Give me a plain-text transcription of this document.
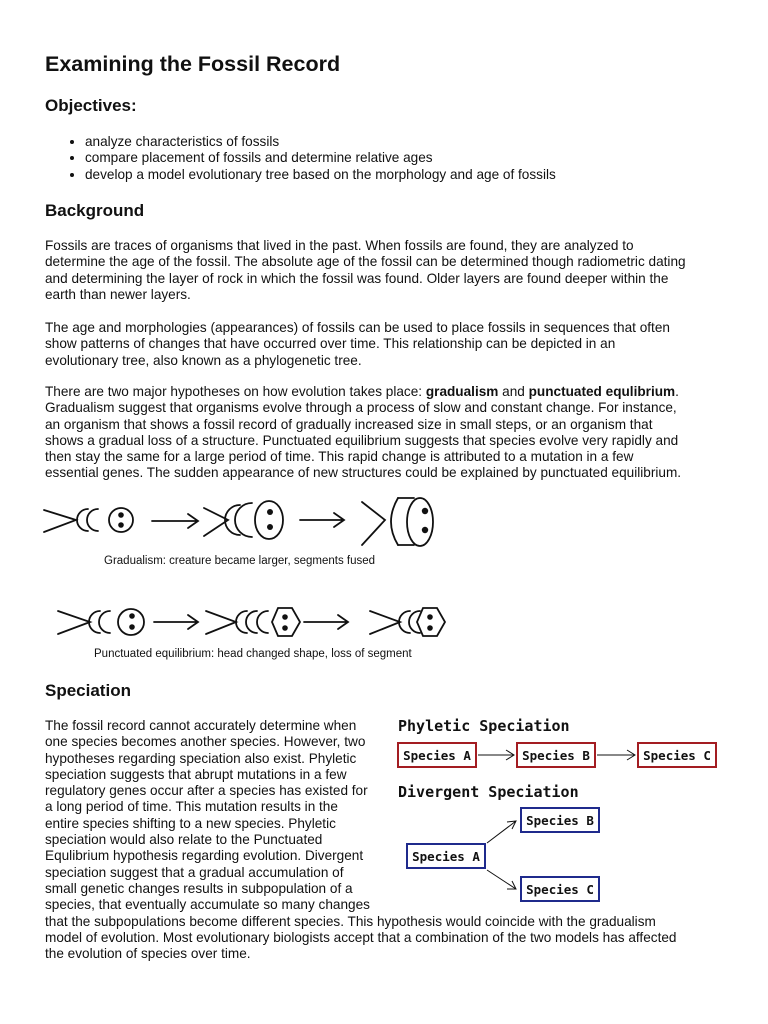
Examining the Fossil Record
Objectives:
• analyze characteristics of fossils
• compare placement of fossils and determine relative ages
• develop a model evolutionary tree based on the morphology and age of fossils
Background

Fossils are traces of organisms that lived in the past. When fossils are found, they are analyzed to
determine the age of the fossil. The absolute age of the fossil can be determined though radiometric dating
and determining the layer of rock in which the fossil was found. Older layers are found deeper within the
earth than newer layers.

The age and morphologies (appearances) of fossils can be used to place fossils in sequences that often
show patterns of changes that have occurred over time. This relationship can be depicted in an
evolutionary tree, also known as a phylogenetic tree.

There are two major hypotheses on how evolution takes place: gradualism and punctuated equlibrium.
Gradualism suggest that organisms evolve through a process of slow and constant change. For instance,
an organism that shows a fossil record of gradually increased size in small steps, or an organism that
shows a gradual loss of a structure. Punctuated equilibrium suggests that species evolve very rapidly and
then stay the same for a large period of time. This rapid change is attributed to a mutation in a few
essential genes. The sudden appearance of new structures could be explained by punctuated equilibrium.

Speciation

The fossil record cannot accurately determine when
one species becomes another species. However, two
hypotheses regarding speciation also exist. Phyletic
speciation suggests that abrupt mutations in a few
regulatory genes occur after a species has existed for
a long period of time. This mutation results in the
entire species shifting to a new species. Phyletic
speciation would also relate to the Punctuated
Equlibrium hypothesis regarding evolution. Divergent
speciation suggest that a gradual accumulation of
small genetic changes results in subpopulation of a
species, that eventually accumulate so many changes
that the subpopulations become different species. This hypothesis would coincide with the gradualism
model of evolution. Most evolutionary biologists accept that a combination of the two models has affected
the evolution of species over time.

Gradualism: creature became larger, segments fused
Punctuated equilibrium: head changed shape, loss of segment
Phyletic Speciation
Species A	Species B	Species C
Divergent Speciation
Species A
Species B
Species C
